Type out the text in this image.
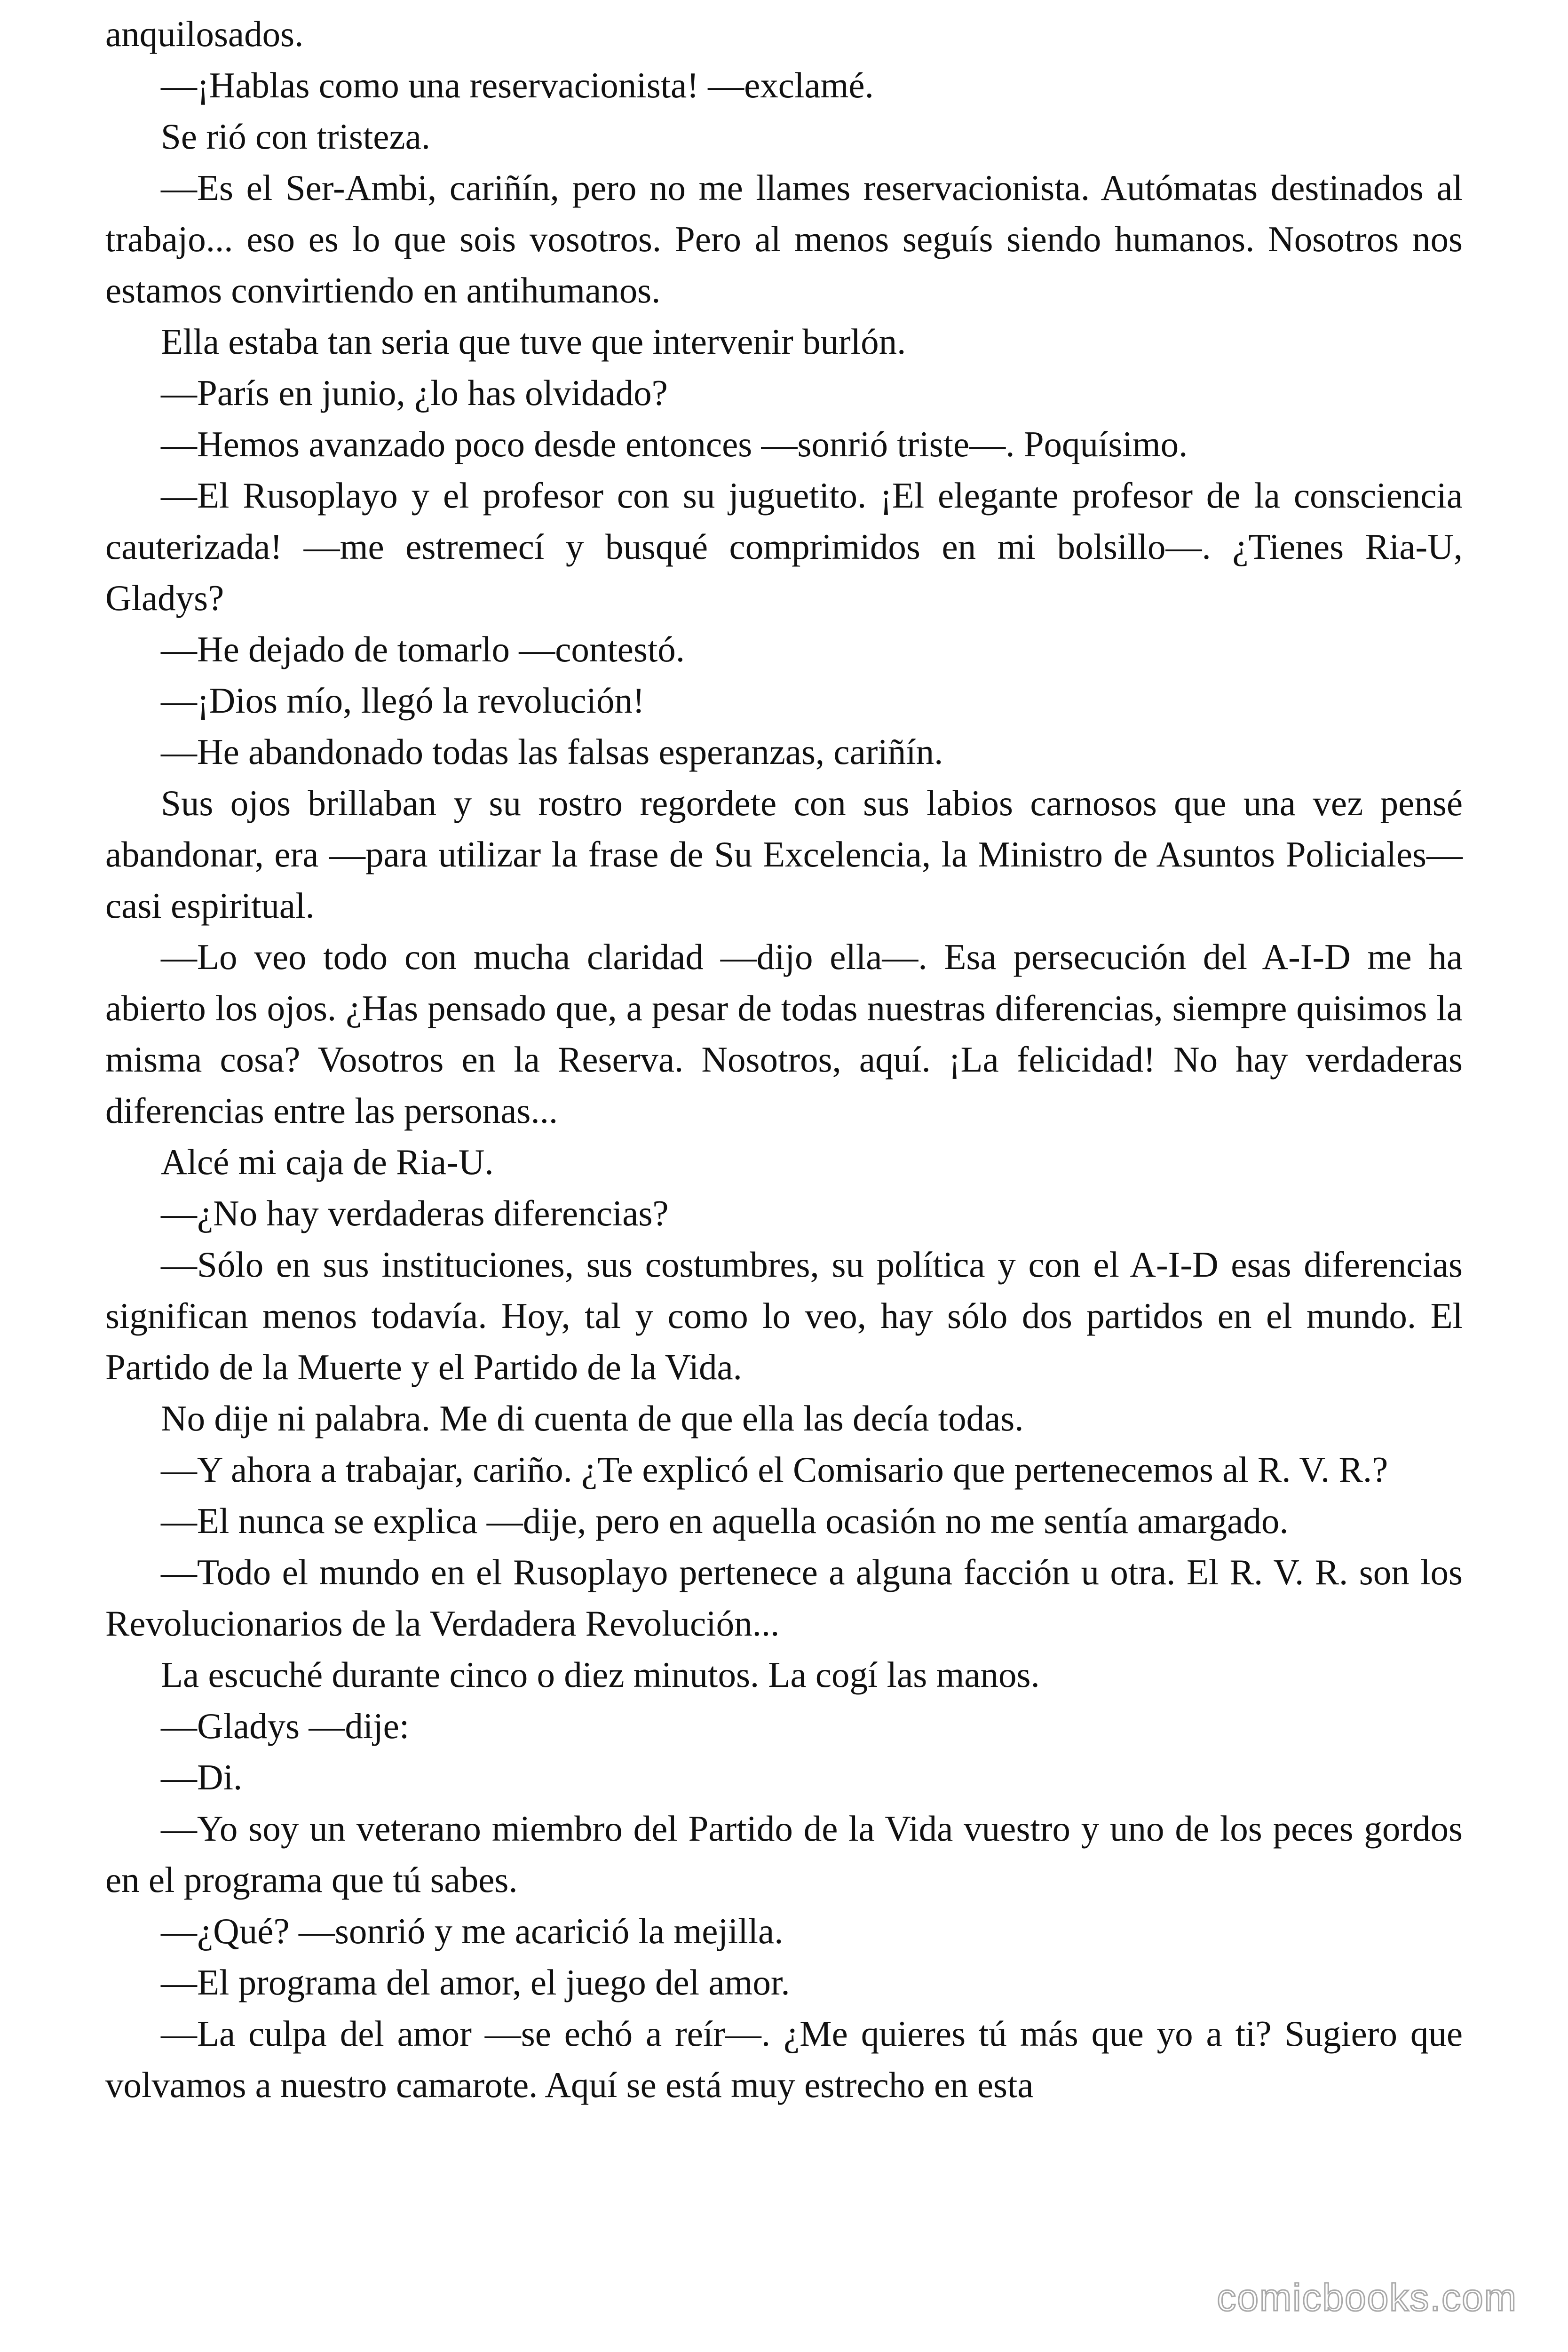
anquilosados.

—¡Hablas como una reservacionista! —exclamé.

Se rió con tristeza.

—Es el Ser-Ambi, cariñín, pero no me llames reservacionista. Autómatas destinados al trabajo... eso es lo que sois vosotros. Pero al menos seguís siendo humanos. Nosotros nos estamos convirtiendo en antihumanos.

Ella estaba tan seria que tuve que intervenir burlón.

—París en junio, ¿lo has olvidado?

—Hemos avanzado poco desde entonces —sonrió triste—. Poquísimo.

—El Rusoplayo y el profesor con su juguetito. ¡El elegante profesor de la consciencia cauterizada! —me estremecí y busqué comprimidos en mi bolsillo—. ¿Tienes Ria-U, Gladys?

—He dejado de tomarlo —contestó.

—¡Dios mío, llegó la revolución!

—He abandonado todas las falsas esperanzas, cariñín.

Sus ojos brillaban y su rostro regordete con sus labios carnosos que una vez pensé abandonar, era —para utilizar la frase de Su Excelencia, la Ministro de Asuntos Policiales— casi espiritual.

—Lo veo todo con mucha claridad —dijo ella—. Esa persecución del A-I-D me ha abierto los ojos. ¿Has pensado que, a pesar de todas nuestras diferencias, siempre quisimos la misma cosa? Vosotros en la Reserva. Nosotros, aquí. ¡La felicidad! No hay verdaderas diferencias entre las personas...

Alcé mi caja de Ria-U.

—¿No hay verdaderas diferencias?

—Sólo en sus instituciones, sus costumbres, su política y con el A-I-D esas diferencias significan menos todavía. Hoy, tal y como lo veo, hay sólo dos partidos en el mundo. El Partido de la Muerte y el Partido de la Vida.

No dije ni palabra. Me di cuenta de que ella las decía todas.

—Y ahora a trabajar, cariño. ¿Te explicó el Comisario que pertenecemos al R. V. R.?

—El nunca se explica —dije, pero en aquella ocasión no me sentía amargado.

—Todo el mundo en el Rusoplayo pertenece a alguna facción u otra. El R. V. R. son los Revolucionarios de la Verdadera Revolución...

La escuché durante cinco o diez minutos. La cogí las manos.

—Gladys —dije:

—Di.

—Yo soy un veterano miembro del Partido de la Vida vuestro y uno de los peces gordos en el programa que tú sabes.

—¿Qué? —sonrió y me acarició la mejilla.

—El programa del amor, el juego del amor.

—La culpa del amor —se echó a reír—. ¿Me quieres tú más que yo a ti? Sugiero que volvamos a nuestro camarote. Aquí se está muy estrecho en esta

comicbooks.com
